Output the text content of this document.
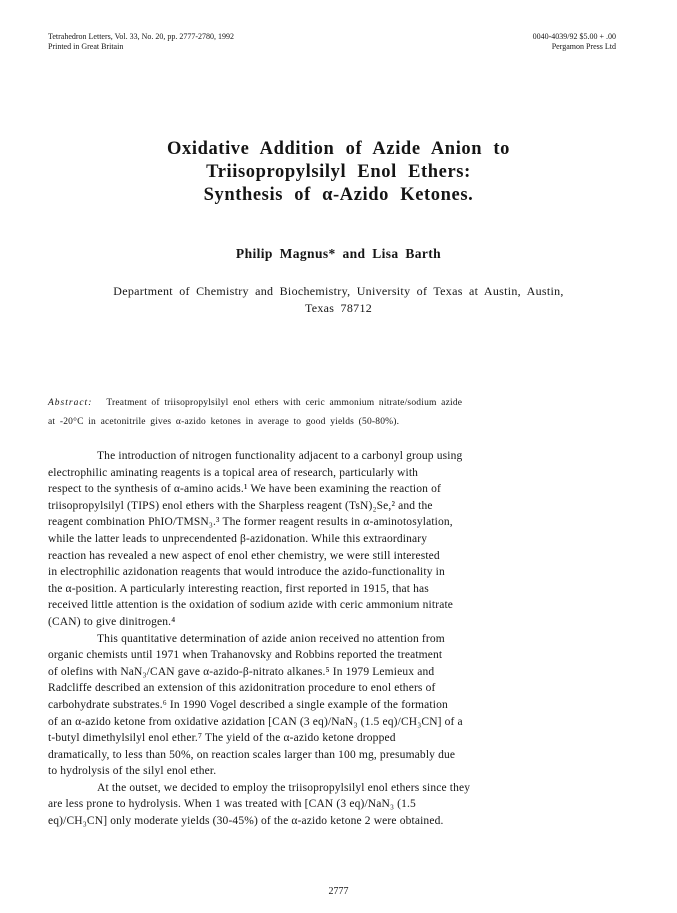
Tetrahedron Letters, Vol. 33, No. 20, pp. 2777-2780, 1992
Printed in Great Britain
0040-4039/92 $5.00 + .00
Pergamon Press Ltd
Oxidative Addition of Azide Anion to
Triisopropylsilyl Enol Ethers:
Synthesis of α-Azido Ketones.
Philip Magnus* and Lisa Barth
Department of Chemistry and Biochemistry, University of Texas at Austin, Austin,
Texas 78712
Abstract: Treatment of triisopropylsilyl enol ethers with ceric ammonium nitrate/sodium azide
at -20°C in acetonitrile gives α-azido ketones in average to good yields (50-80%).
The introduction of nitrogen functionality adjacent to a carbonyl group using
electrophilic aminating reagents is a topical area of research, particularly with
respect to the synthesis of α-amino acids.¹ We have been examining the reaction of
triisopropylsilyl (TIPS) enol ethers with the Sharpless reagent (TsN)₂Se,² and the
reagent combination PhIO/TMSN₃.³ The former reagent results in α-aminotosylation,
while the latter leads to unprecendented β-azidonation. While this extraordinary
reaction has revealed a new aspect of enol ether chemistry, we were still interested
in electrophilic azidonation reagents that would introduce the azido-functionality in
the α-position. A particularly interesting reaction, first reported in 1915, that has
received little attention is the oxidation of sodium azide with ceric ammonium nitrate
(CAN) to give dinitrogen.⁴
This quantitative determination of azide anion received no attention from
organic chemists until 1971 when Trahanovsky and Robbins reported the treatment
of olefins with NaN₃/CAN gave α-azido-β-nitrato alkanes.⁵ In 1979 Lemieux and
Radcliffe described an extension of this azidonitration procedure to enol ethers of
carbohydrate substrates.⁶ In 1990 Vogel described a single example of the formation
of an α-azido ketone from oxidative azidation [CAN (3 eq)/NaN₃ (1.5 eq)/CH₃CN] of a
t-butyl dimethylsilyl enol ether.⁷ The yield of the α-azido ketone dropped
dramatically, to less than 50%, on reaction scales larger than 100 mg, presumably due
to hydrolysis of the silyl enol ether.
At the outset, we decided to employ the triisopropylsilyl enol ethers since they
are less prone to hydrolysis. When 1 was treated with [CAN (3 eq)/NaN₃ (1.5
eq)/CH₃CN] only moderate yields (30-45%) of the α-azido ketone 2 were obtained.
2777
